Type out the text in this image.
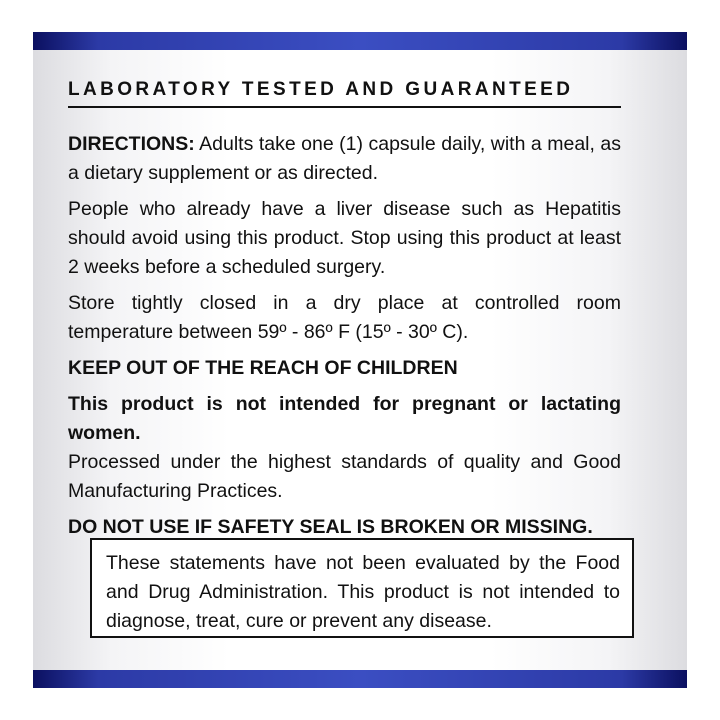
LABORATORY TESTED AND GUARANTEED

DIRECTIONS: Adults take one (1) capsule daily, with a meal, as a dietary supplement or as directed.

People who already have a liver disease such as Hepatitis should avoid using this product. Stop using this product at least 2 weeks before a scheduled surgery.

Store tightly closed in a dry place at controlled room temperature between 59º - 86º F (15º - 30º C).

KEEP OUT OF THE REACH OF CHILDREN

This product is not intended for pregnant or lactating women.

Processed under the highest standards of quality and Good Manufacturing Practices.

DO NOT USE IF SAFETY SEAL IS BROKEN OR MISSING.

These statements have not been evaluated by the Food and Drug Administration. This product is not intended to diagnose, treat, cure or prevent any disease.
